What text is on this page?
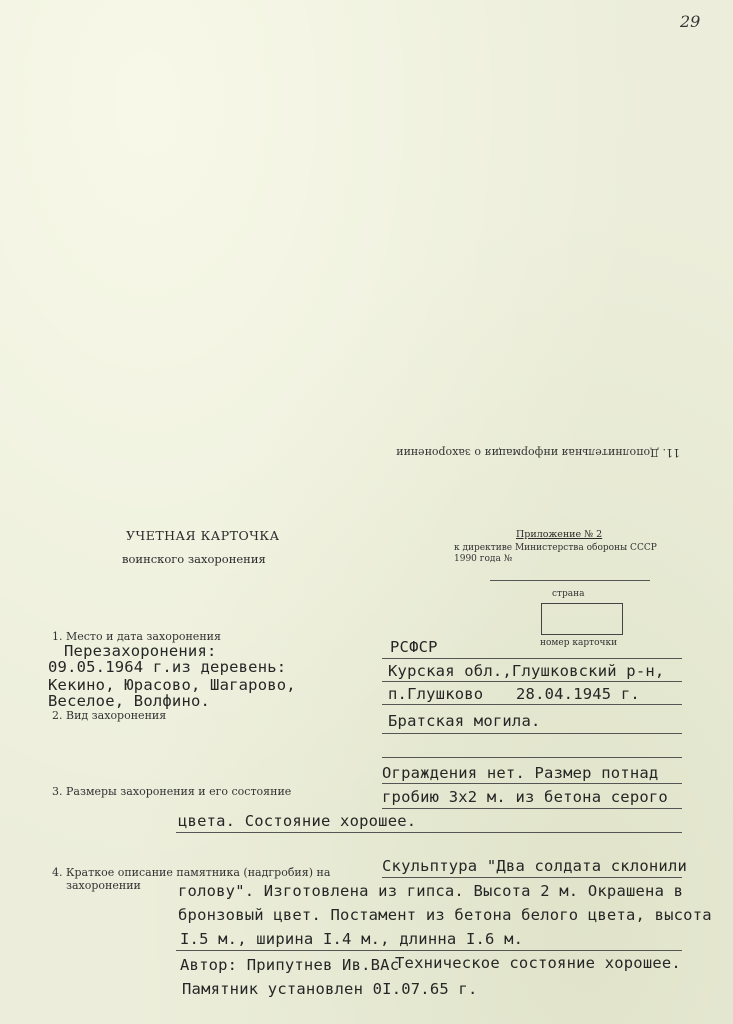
29
11. Дополнительная информация о захоронении
УЧЕТНАЯ КАРТОЧКА
воинского захоронения
Приложение № 2
к директиве Министерства обороны СССР
1990 года №
страна
номер карточки
1. Место и дата захоронения
Перезахоронения:
09.05.1964 г.из деревень:
Кекино, Юрасово, Шагарово,
Веселое, Волфино.
РСФСР
Курская обл.,Глушковский р-н,
п.Глушково 28.04.1945 г.
2. Вид захоронения	Братская могила.
3. Размеры захоронения и его состояние
Ограждения нет. Размер потнад
гробию 3х2 м. из бетона серого
цвета. Состояние хорошее.
4. Краткое описание памятника (надгробия) на
захоронении
Скульптура "Два солдата склонили
голову". Изготовлена из гипса. Высота 2 м. Окрашена в
бронзовый цвет. Постамент из бетона белого цвета, высота
I.5 м., ширина I.4 м., длинна I.6 м.
Автор: Припутнев Ив.ВАс
Техническое состояние хорошее.
Памятник установлен 0I.07.65 г.
